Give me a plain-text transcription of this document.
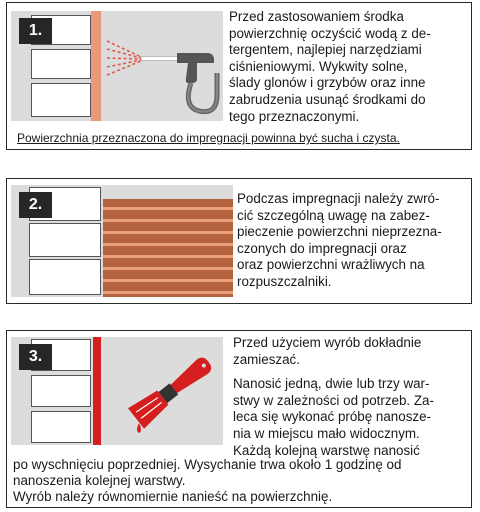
1.

Przed zastosowaniem środka

powierzchnię oczyścić wodą z de-

tergentem, najlepiej narzędziami

ciśnieniowymi. Wykwity solne,

ślady glonów i grzybów oraz inne

zabrudzenia usunąć środkami do

tego przeznaczonymi.

Powierzchnia przeznaczona do impregnacji powinna być sucha i czysta.
2.	Podczas impregnacji należy zwró-

cić szczególną uwagę na zabez-

pieczenie powierzchni nieprzezna-

czonych do impregnacji oraz

oraz powierzchni wrażliwych na

rozpuszczalniki.

3.

Przed użyciem wyrób dokładnie

zamieszać.

Nanosić jedną, dwie lub trzy war-

stwy w zależności od potrzeb. Za-

leca się wykonać próbę nanosze-

nia w miejscu mało widocznym.

Każdą kolejną warstwę nanosić

po wyschnięciu poprzedniej. Wysychanie trwa około 1 godzinę od

nanoszenia kolejnej warstwy.

Wyrób należy równomiernie nanieść na powierzchnię.
